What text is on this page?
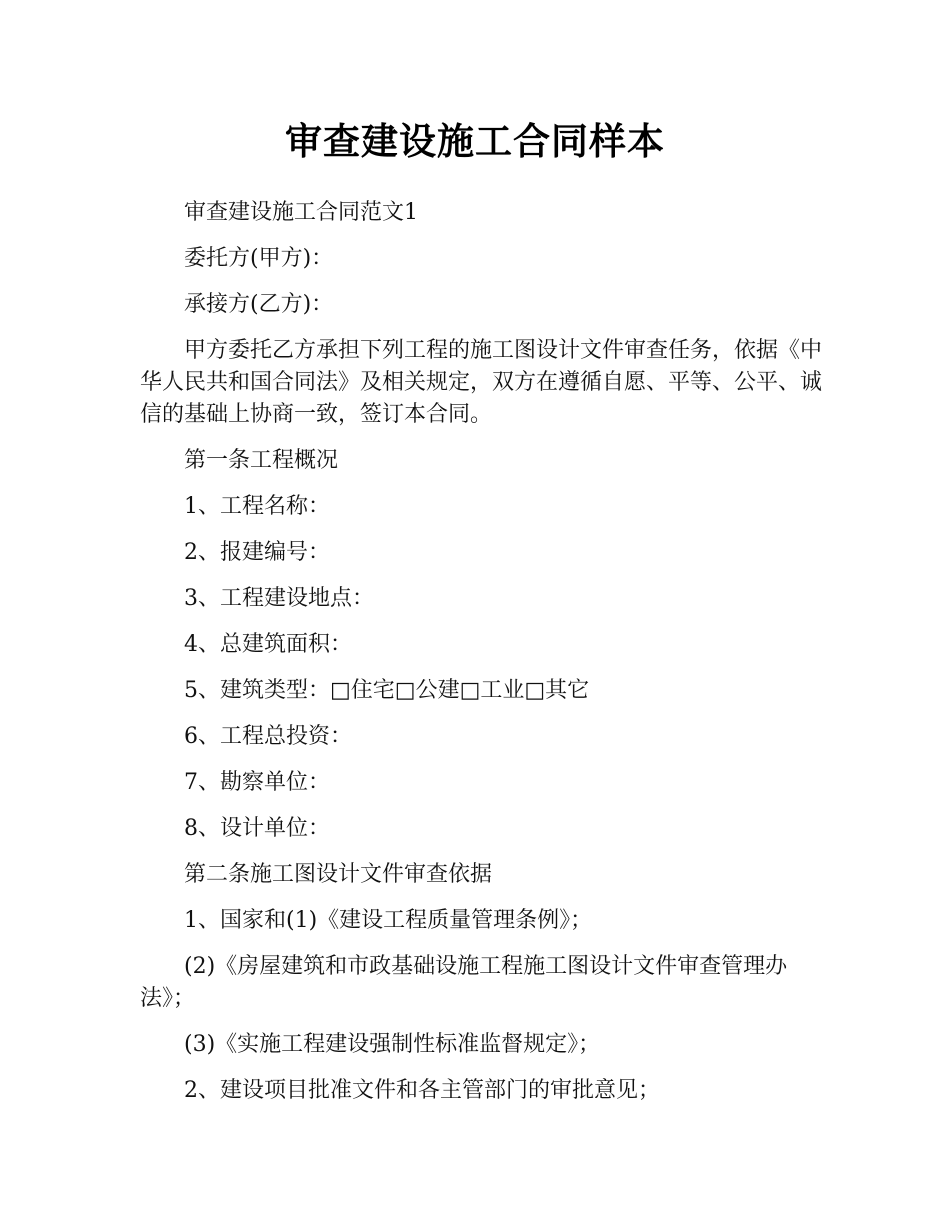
审查建设施工合同样本

审查建设施工合同范文1

委托方(甲方)：

承接方(乙方)：

甲方委托乙方承担下列工程的施工图设计文件审查任务，依据《中华人民共和国合同法》及相关规定，双方在遵循自愿、平等、公平、诚信的基础上协商一致，签订本合同。

第一条工程概况

1、工程名称：

2、报建编号：

3、工程建设地点：

4、总建筑面积：

5、建筑类型：□住宅□公建□工业□其它

6、工程总投资：

7、勘察单位：

8、设计单位：

第二条施工图设计文件审查依据

1、国家和(1)《建设工程质量管理条例》；

(2)《房屋建筑和市政基础设施工程施工图设计文件审查管理办法》；

(3)《实施工程建设强制性标准监督规定》；

2、建设项目批准文件和各主管部门的审批意见；
